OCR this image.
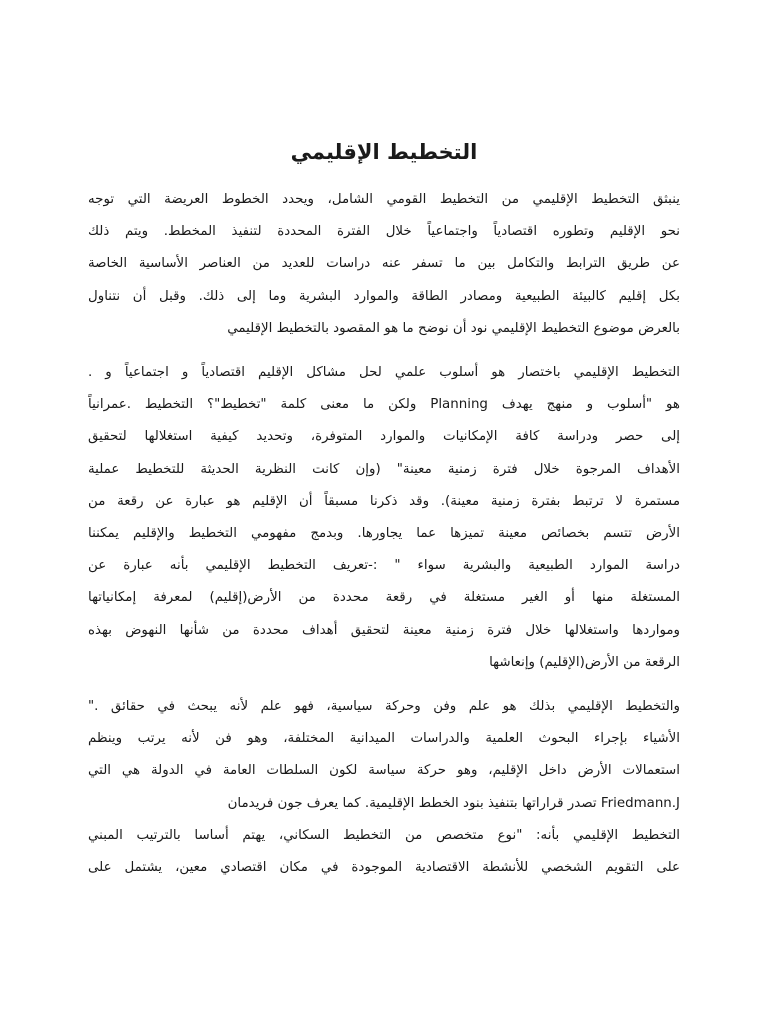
التخطيط الإقليمي
ينبثق التخطيط الإقليمي من التخطيط القومي الشامل، ويحدد الخطوط العريضة التي توجه
نحو الإقليم وتطوره اقتصادياً واجتماعياً خلال الفترة المحددة لتنفيذ المخطط. ويتم ذلك
عن طريق الترابط والتكامل بين ما تسفر عنه دراسات للعديد من العناصر الأساسية الخاصة
بكل إقليم كالبيئة الطبيعية ومصادر الطاقة والموارد البشرية وما إلى ذلك. وقبل أن نتناول
بالعرض موضوع التخطيط الإقليمي نود أن نوضح ما هو المقصود بالتخطيط الإقليمي
التخطيط الإقليمي باختصار هو أسلوب علمي لحل مشاكل الإقليم اقتصادياً و اجتماعياً و .
هو "أسلوب و منهج يهدف Planning ولكن ما معنى كلمة "تخطيط"؟ التخطيط .عمرانياً
إلى حصر ودراسة كافة الإمكانيات والموارد المتوفرة، وتحديد كيفية استغلالها لتحقيق
الأهداف المرجوة خلال فترة زمنية معينة" (وإن كانت النظرية الحديثة للتخطيط عملية
مستمرة لا ترتبط بفترة زمنية معينة). وقد ذكرنا مسبقاً أن الإقليم هو عبارة عن رقعة من
الأرض تتسم بخصائص معينة تميزها عما يجاورها. وبدمج مفهومي التخطيط والإقليم يمكننا
دراسة الموارد الطبيعية والبشرية سواء " :-تعريف التخطيط الإقليمي بأنه عبارة عن
المستغلة منها أو الغير مستغلة في رقعة محددة من الأرض(إقليم) لمعرفة إمكانياتها
ومواردها واستغلالها خلال فترة زمنية معينة لتحقيق أهداف محددة من شأنها النهوض بهذه
الرقعة من الأرض(الإقليم) وإنعاشها
والتخطيط الإقليمي بذلك هو علم وفن وحركة سياسية، فهو علم لأنه يبحث في حقائق ."
الأشياء بإجراء البحوث العلمية والدراسات الميدانية المختلفة، وهو فن لأنه يرتب وينظم
استعمالات الأرض داخل الإقليم، وهو حركة سياسة لكون السلطات العامة في الدولة هي التي
Friedmann.J تصدر قراراتها بتنفيذ بنود الخطط الإقليمية. كما يعرف جون فريدمان
التخطيط الإقليمي بأنه: "نوع متخصص من التخطيط السكاني، يهتم أساسا بالترتيب المبني
على التقويم الشخصي للأنشطة الاقتصادية الموجودة في مكان اقتصادي معين، يشتمل على
